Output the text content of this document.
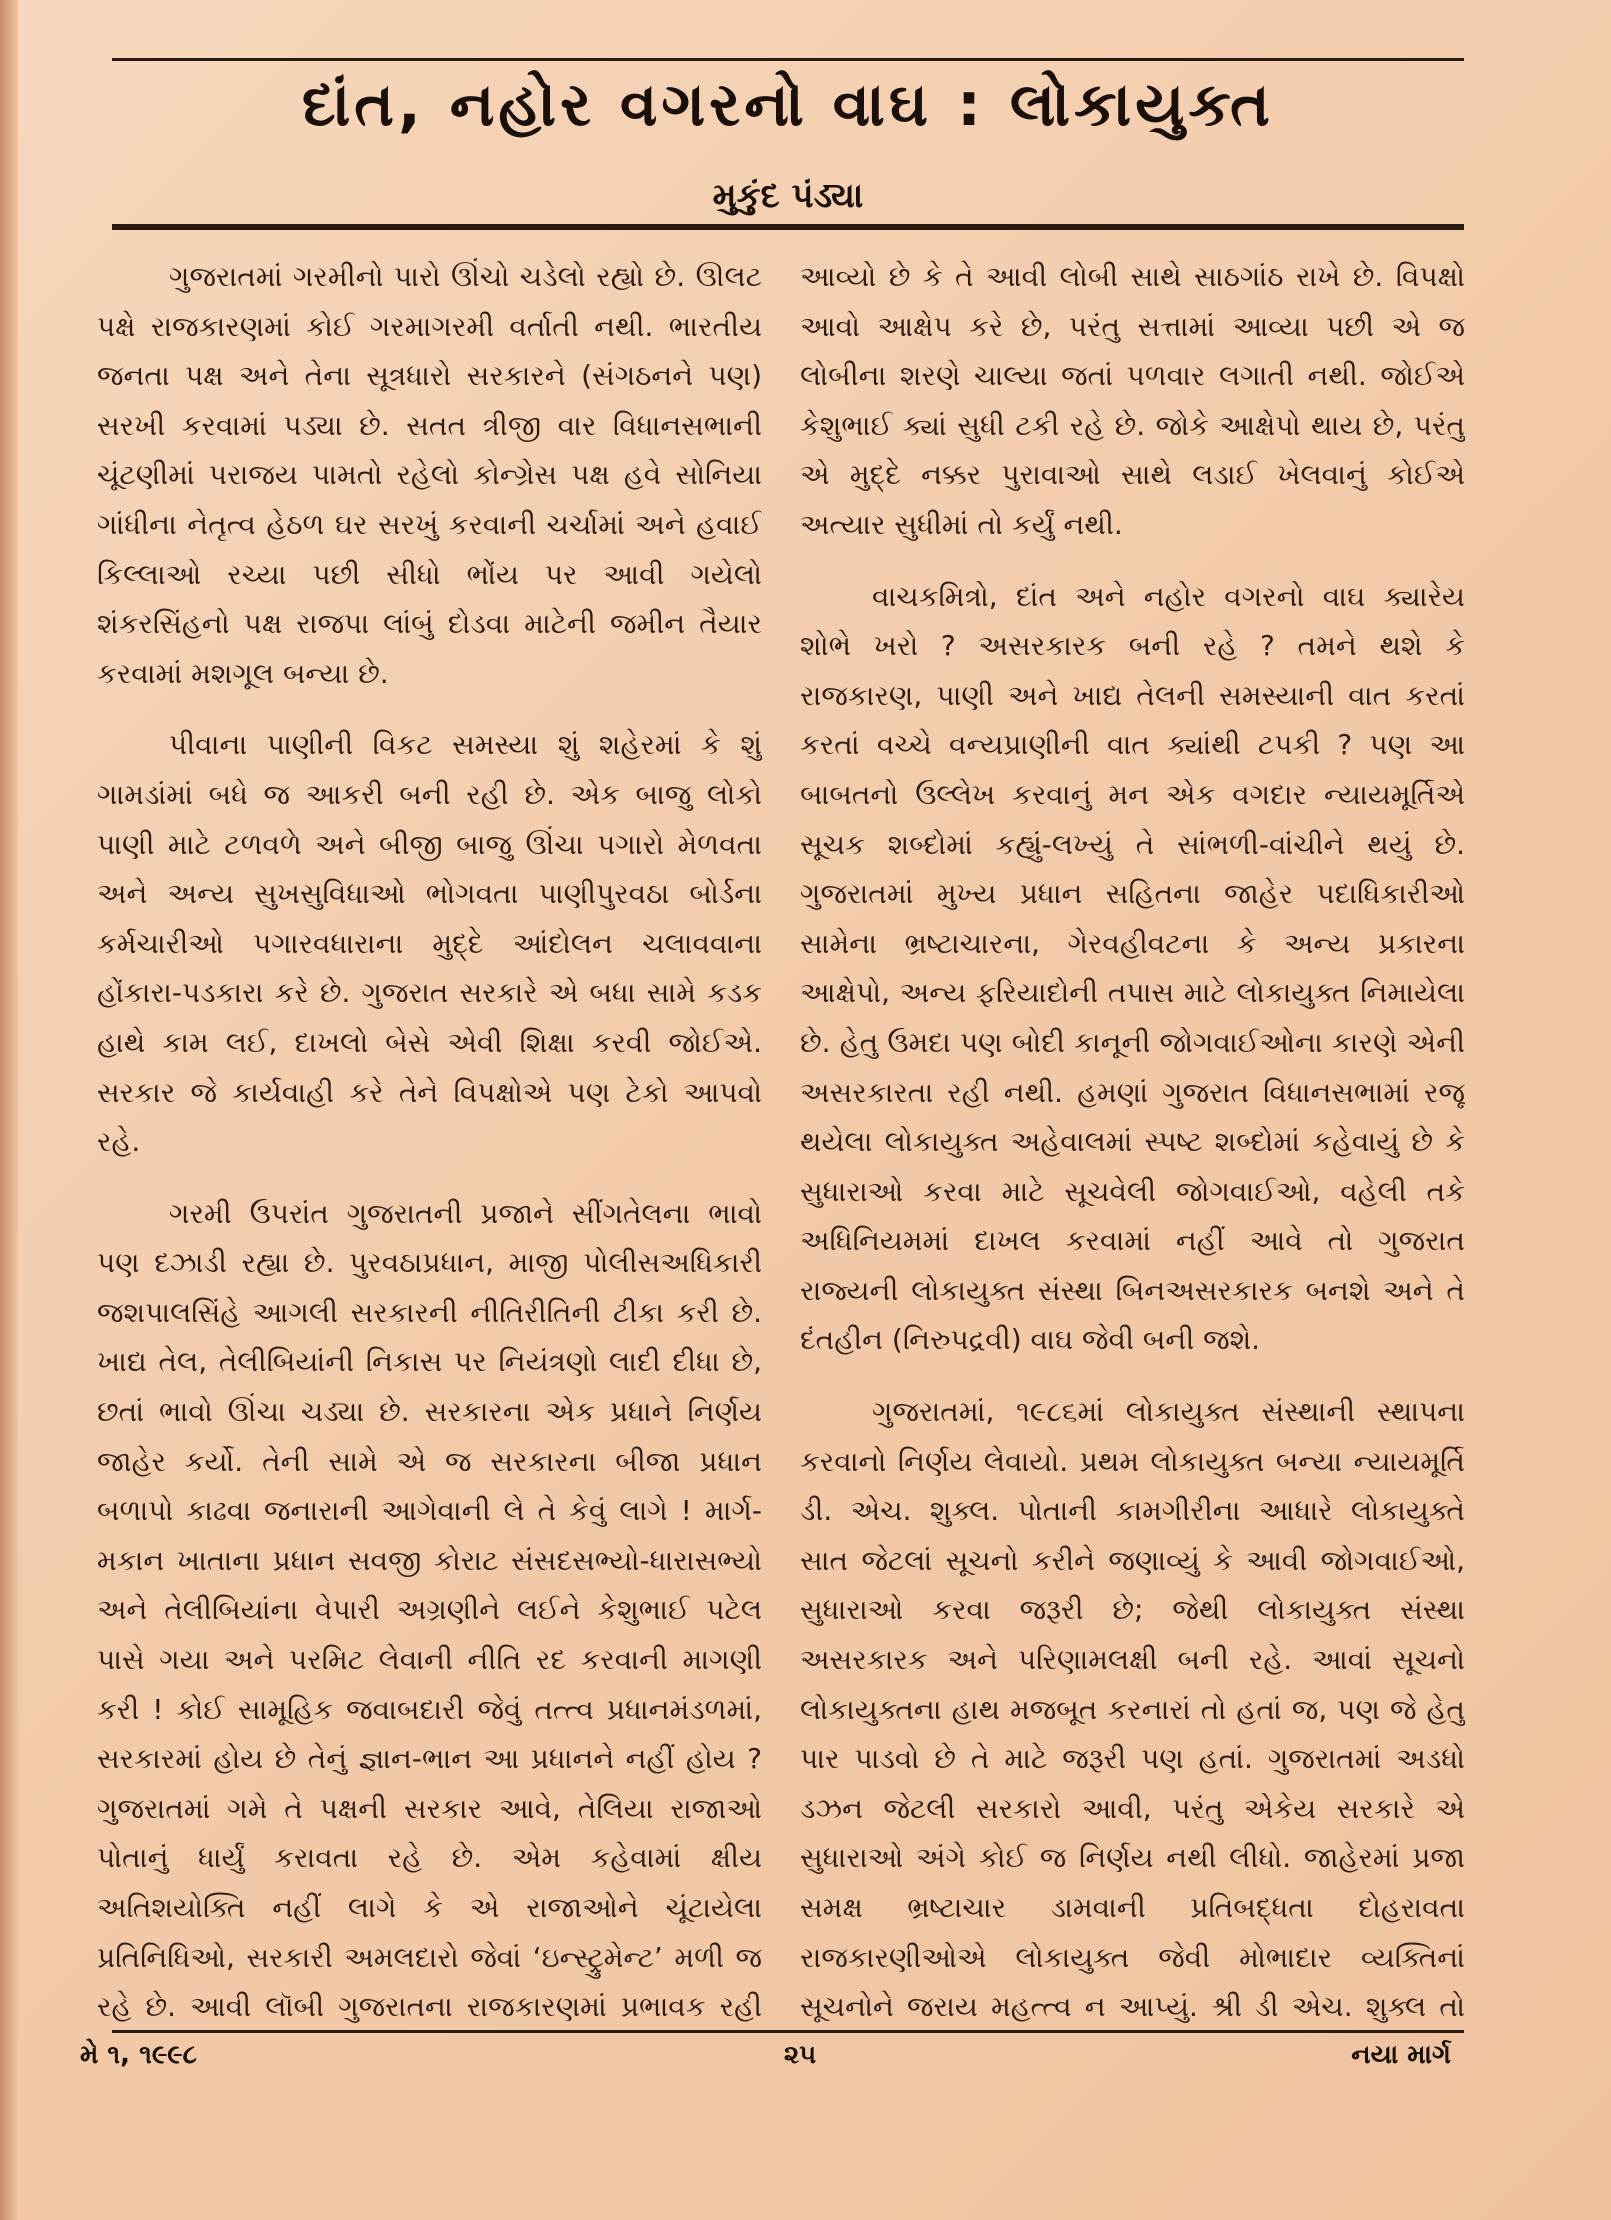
દાંત, નહોર વગરનો વાઘ : લોકાયુક્ત
મુકુંદ પંડ્યા

ગુજરાતમાં ગરમીનો પારો ઊંચો ચડેલો રહ્યો છે. ઊલટ પક્ષે રાજકારણમાં કોઈ ગરમાગરમી વર્તાતી નથી. ભારતીય જનતા પક્ષ અને તેના સૂત્રધારો સરકારને (સંગઠનને પણ) સરખી કરવામાં પડ્યા છે. સતત ત્રીજી વાર વિધાનસભાની ચૂંટણીમાં પરાજય પામતો રહેલો કોન્ગ્રેસ પક્ષ હવે સોનિયા ગાંધીના નેતૃત્વ હેઠળ ઘર સરખું કરવાની ચર્ચામાં અને હવાઈ કિલ્લાઓ રચ્યા પછી સીધો ભોંય પર આવી ગયેલો શંકરસિંહનો પક્ષ રાજપા લાંબું દોડવા માટેની જમીન તૈયાર કરવામાં મશગૂલ બન્યા છે.

પીવાના પાણીની વિકટ સમસ્યા શું શહેરમાં કે શું ગામડાંમાં બધે જ આકરી બની રહી છે. એક બાજુ લોકો પાણી માટે ટળવળે અને બીજી બાજુ ઊંચા પગારો મેળવતા અને અન્ય સુખસુવિધાઓ ભોગવતા પાણીપુરવઠા બોર્ડના કર્મચારીઓ પગારવધારાના મુદ્દે આંદોલન ચલાવવાના હોંકારા-પડકારા કરે છે. ગુજરાત સરકારે એ બધા સામે કડક હાથે કામ લઈ, દાખલો બેસે એવી શિક્ષા કરવી જોઈએ. સરકાર જે કાર્યવાહી કરે તેને વિપક્ષોએ પણ ટેકો આપવો રહે.

ગરમી ઉપરાંત ગુજરાતની પ્રજાને સીંગતેલના ભાવો પણ દઝાડી રહ્યા છે. પુરવઠાપ્રધાન, માજી પોલીસઅધિકારી જશપાલસિંહે આગલી સરકારની નીતિરીતિની ટીકા કરી છે. ખાદ્ય તેલ, તેલીબિયાંની નિકાસ પર નિયંત્રણો લાદી દીધા છે, છતાં ભાવો ઊંચા ચડ્યા છે. સરકારના એક પ્રધાને નિર્ણય જાહેર કર્યો. તેની સામે એ જ સરકારના બીજા પ્રધાન બળાપો કાઢવા જનારાની આગેવાની લે તે કેવું લાગે ! માર્ગ-મકાન ખાતાના પ્રધાન સવજી કોરાટ સંસદસભ્યો-ધારાસભ્યો અને તેલીબિયાંના વેપારી અગ્રણીને લઈને કેશુભાઈ પટેલ પાસે ગયા અને પરમિટ લેવાની નીતિ રદ કરવાની માગણી કરી ! કોઈ સામૂહિક જવાબદારી જેવું તત્ત્વ પ્રધાનમંડળમાં, સરકારમાં હોય છે તેનું જ્ઞાન-ભાન આ પ્રધાનને નહીં હોય ? ગુજરાતમાં ગમે તે પક્ષની સરકાર આવે, તેલિયા રાજાઓ પોતાનું ધાર્યું કરાવતા રહે છે. એમ કહેવામાં ક્ષીય અતિશયોક્તિ નહીં લાગે કે એ રાજાઓને ચૂંટાયેલા પ્રતિનિધિઓ, સરકારી અમલદારો જેવાં ‘ઇન્સ્ટ્રુમેન્ટ’ મળી જ રહે છે. આવી લૉબી ગુજરાતના રાજકારણમાં પ્રભાવક રહી

આવ્યો છે કે તે આવી લોબી સાથે સાઠગાંઠ રાખે છે. વિપક્ષો આવો આક્ષેપ કરે છે, પરંતુ સત્તામાં આવ્યા પછી એ જ લોબીના શરણે ચાલ્યા જતાં પળવાર લગાતી નથી. જોઈએ કેશુભાઈ ક્યાં સુધી ટકી રહે છે. જોકે આક્ષેપો થાય છે, પરંતુ એ મુદ્દે નક્કર પુરાવાઓ સાથે લડાઈ ખેલવાનું કોઈએ અત્યાર સુધીમાં તો કર્યું નથી.

વાચકમિત્રો, દાંત અને નહોર વગરનો વાઘ ક્યારેય શોભે ખરો ? અસરકારક બની રહે ? તમને થશે કે રાજકારણ, પાણી અને ખાદ્ય તેલની સમસ્યાની વાત કરતાં કરતાં વચ્ચે વન્યપ્રાણીની વાત ક્યાંથી ટપકી ? પણ આ બાબતનો ઉલ્લેખ કરવાનું મન એક વગદાર ન્યાયમૂર્તિએ સૂચક શબ્દોમાં કહ્યું-લખ્યું તે સાંભળી-વાંચીને થયું છે. ગુજરાતમાં મુખ્ય પ્રધાન સહિતના જાહેર પદાધિકારીઓ સામેના ભ્રષ્ટાચારના, ગેરવહીવટના કે અન્ય પ્રકારના આક્ષેપો, અન્ય ફરિયાદોની તપાસ માટે લોકાયુક્ત નિમાયેલા છે. હેતુ ઉમદા પણ બોદી કાનૂની જોગવાઈઓના કારણે એની અસરકારતા રહી નથી. હમણાં ગુજરાત વિધાનસભામાં રજૂ થયેલા લોકાયુક્ત અહેવાલમાં સ્પષ્ટ શબ્દોમાં કહેવાયું છે કે સુધારાઓ કરવા માટે સૂચવેલી જોગવાઈઓ, વહેલી તકે અધિનિયમમાં દાખલ કરવામાં નહીં આવે તો ગુજરાત રાજ્યની લોકાયુક્ત સંસ્થા બિનઅસરકારક બનશે અને તે દંતહીન (નિરુપદ્રવી) વાઘ જેવી બની જશે.

ગુજરાતમાં, ૧૯૮૬માં લોકાયુક્ત સંસ્થાની સ્થાપના કરવાનો નિર્ણય લેવાયો. પ્રથમ લોકાયુક્ત બન્યા ન્યાયમૂર્તિ ડી. એચ. શુક્લ. પોતાની કામગીરીના આધારે લોકાયુક્તે સાત જેટલાં સૂચનો કરીને જણાવ્યું કે આવી જોગવાઈઓ, સુધારાઓ કરવા જરૂરી છે; જેથી લોકાયુક્ત સંસ્થા અસરકારક અને પરિણામલક્ષી બની રહે. આવાં સૂચનો લોકાયુક્તના હાથ મજબૂત કરનારાં તો હતાં જ, પણ જે હેતુ પાર પાડવો છે તે માટે જરૂરી પણ હતાં. ગુજરાતમાં અડધો ડઝન જેટલી સરકારો આવી, પરંતુ એકેય સરકારે એ સુધારાઓ અંગે કોઈ જ નિર્ણય નથી લીધો. જાહેરમાં પ્રજા સમક્ષ ભ્રષ્ટાચાર ડામવાની પ્રતિબદ્ધતા દોહરાવતા રાજકારણીઓએ લોકાયુક્ત જેવી મોભાદાર વ્યક્તિનાં સૂચનોને જરાય મહત્ત્વ ન આપ્યું. શ્રી ડી એચ. શુક્લ તો

મે ૧, ૧૯૯૮	૨૫	નયા માર્ગ
